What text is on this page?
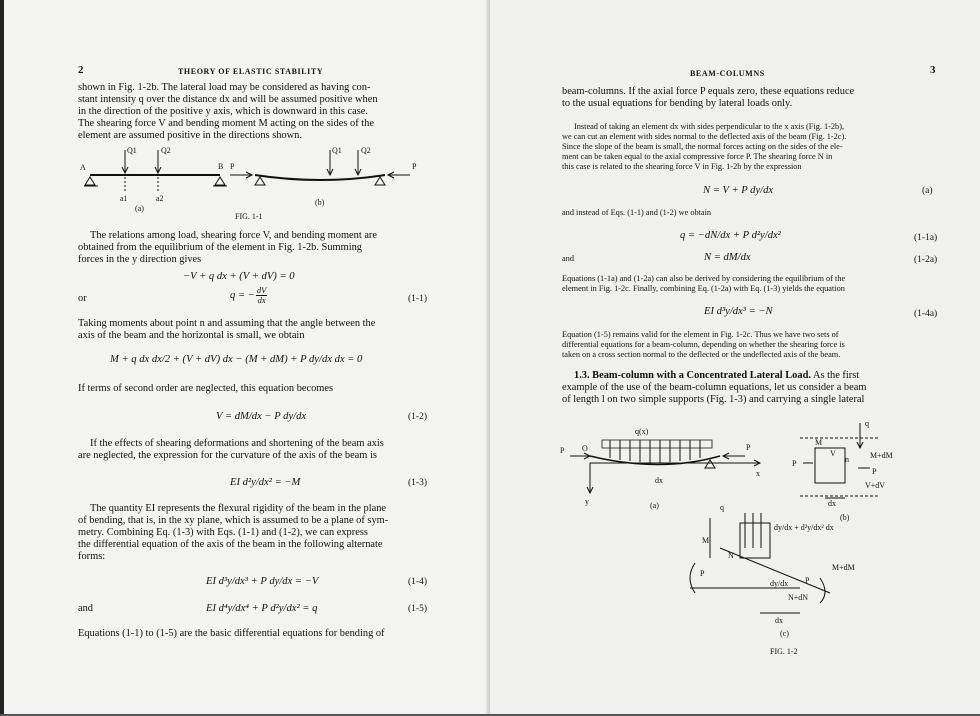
2	THEORY OF ELASTIC STABILITY
shown in Fig. 1-2b. The lateral load may be considered as having con-
stant intensity q over the distance dx and will be assumed positive when
in the direction of the positive y axis, which is downward in this case.
The shearing force V and bending moment M acting on the sides of the
element are assumed positive in the directions shown.
Q1	Q2
A	B
a1	a2
(a)
P	P
Q1 Q2
(b)
FIG. 1-1
The relations among load, shearing force V, and bending moment are
obtained from the equilibrium of the element in Fig. 1-2b. Summing
forces in the y direction gives
−V + q dx + (V + dV) = 0
or	q = − $\frac{dV}{dx}$	(1-1)
Taking moments about point n and assuming that the angle between the
axis of the beam and the horizontal is small, we obtain
M + q dx dx/2 + (V + dV) dx − (M + dM) + P dy/dx dx = 0
If terms of second order are neglected, this equation becomes
V = dM/dx − P dy/dx	(1-2)
If the effects of shearing deformations and shortening of the beam axis
are neglected, the expression for the curvature of the axis of the beam is
EI d²y/dx² = −M	(1-3)
The quantity EI represents the flexural rigidity of the beam in the plane
of bending, that is, in the xy plane, which is assumed to be a plane of sym-
metry. Combining Eq. (1-3) with Eqs. (1-1) and (1-2), we can express
the differential equation of the axis of the beam in the following alternate
forms:
EI d³y/dx³ + P dy/dx = −V	(1-4)
and	EI d⁴y/dx⁴ + P d²y/dx² = q	(1-5)
Equations (1-1) to (1-5) are the basic differential equations for bending of
BEAM-COLUMNS	3
beam-columns. If the axial force P equals zero, these equations reduce
to the usual equations for bending by lateral loads only.
Instead of taking an element dx with sides perpendicular to the x axis (Fig. 1-2b),
we can cut an element with sides normal to the deflected axis of the beam (Fig. 1-2c).
Since the slope of the beam is small, the normal forces acting on the sides of the ele-
ment can be taken equal to the axial compressive force P. The shearing force N in
this case is related to the shearing force V in Fig. 1-2b by the expression
N = V + P dy/dx	(a)
and instead of Eqs. (1-1) and (1-2) we obtain
q = −dN/dx + P d²y/dx²	(1-1a)
and	N = dM/dx	(1-2a)
Equations (1-1a) and (1-2a) can also be derived by considering the equilibrium of the
element in Fig. 1-2c. Finally, combining Eq. (1-2a) with Eq. (1-3) yields the equation
EI d³y/dx³ = −N	(1-4a)
Equation (1-5) remains valid for the element in Fig. 1-2c. Thus we have two sets of
differential equations for a beam-column, depending on whether the shearing force is
taken on a cross section normal to the deflected or the undeflected axis of the beam.
1.3. Beam-column with a Concentrated Lateral Load. As the first
example of the use of the beam-column equations, let us consider a beam
of length l on two simple supports (Fig. 1-3) and carrying a single lateral
q(x)
P O	P
x
dx
y	(a)
q
M
V
n	M+dM
P
P
dx
V+dV
(b)
q
dy/dx + d²y/dx² dx
M
N
P
M+dM
dy/dx
N+dN
P
dx
(c)
FIG. 1-2
